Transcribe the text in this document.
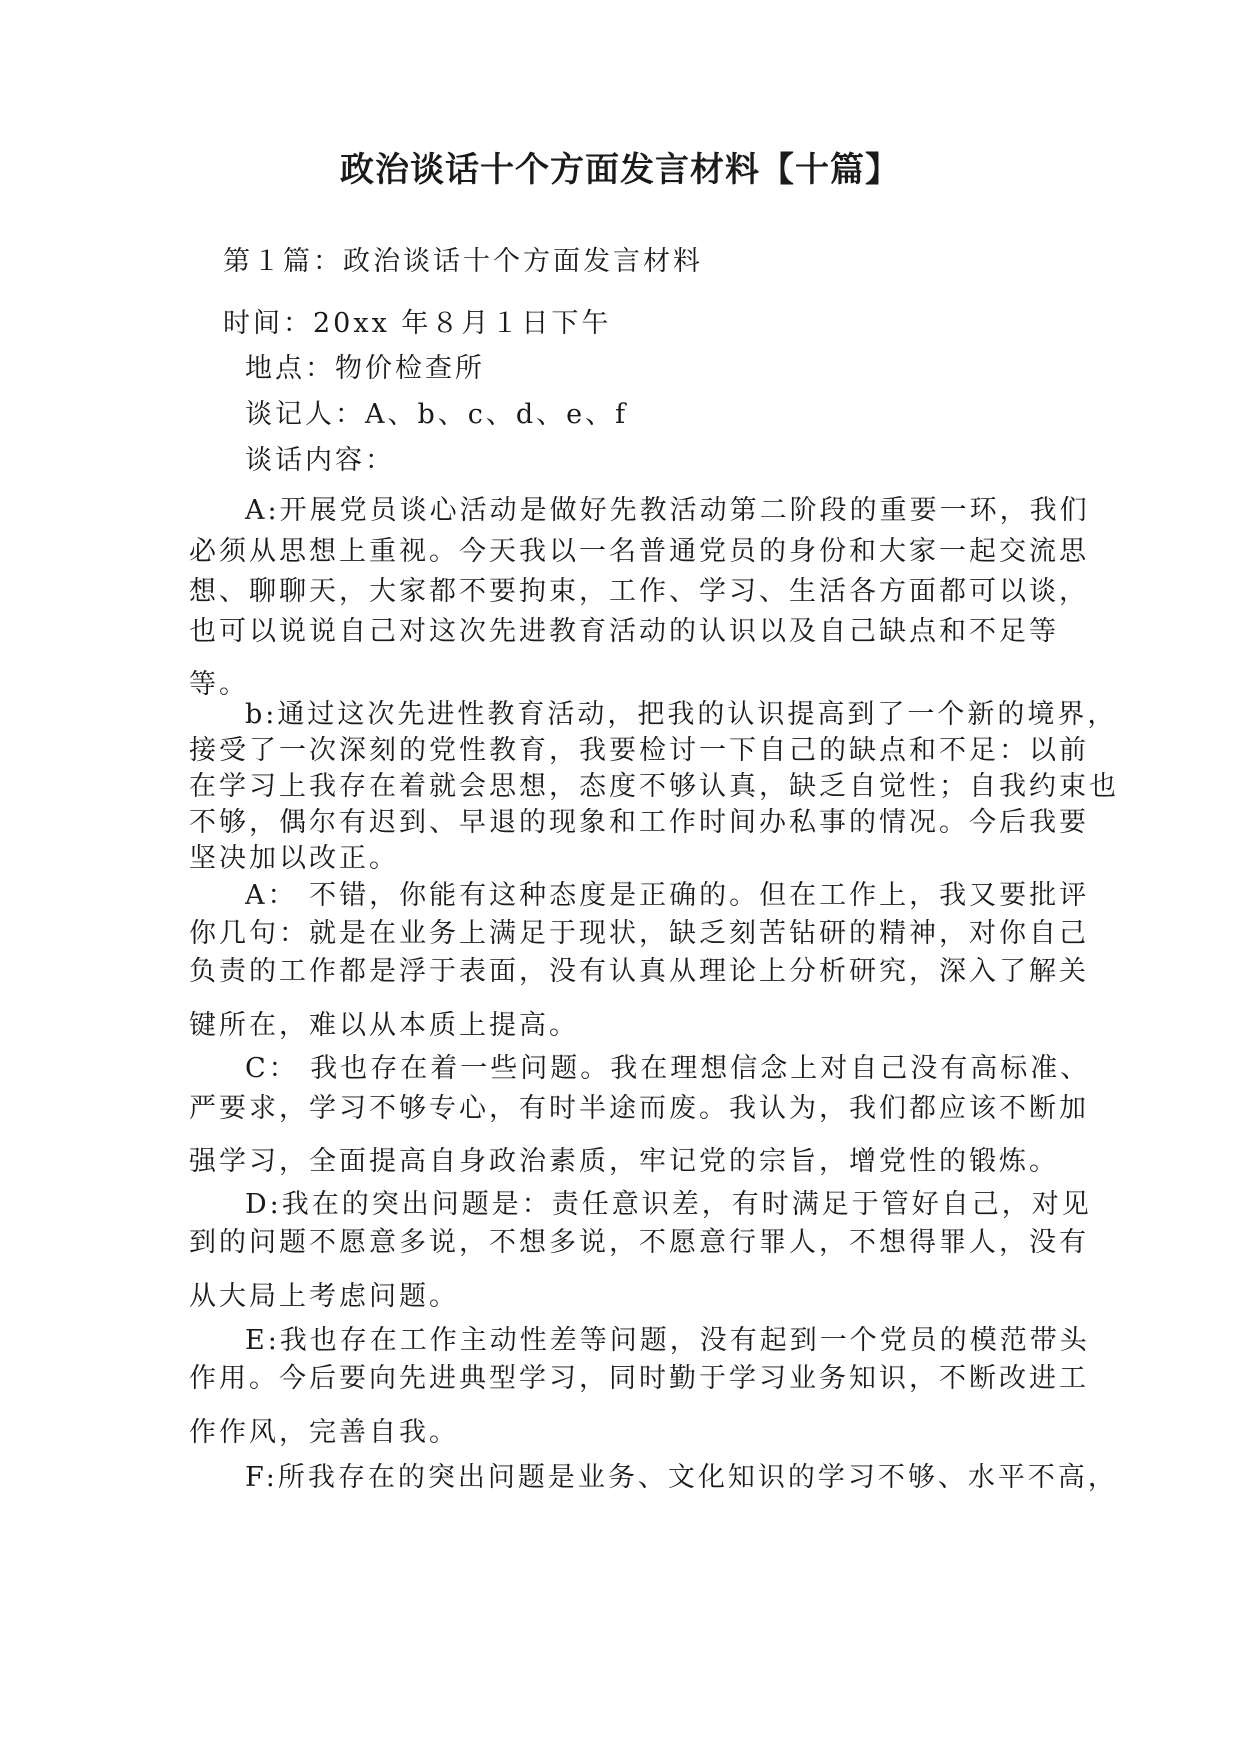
政治谈话十个方面发言材料【十篇】
第１篇：政治谈话十个方面发言材料
时间：20xx 年８月１日下午
地点：物价检查所
谈记人：A、b、c、d、e、f
谈话内容：
A:开展党员谈心活动是做好先教活动第二阶段的重要一环，我们
必须从思想上重视。今天我以一名普通党员的身份和大家一起交流思
想、聊聊天，大家都不要拘束，工作、学习、生活各方面都可以谈，
也可以说说自己对这次先进教育活动的认识以及自己缺点和不足等
等。
b:通过这次先进性教育活动，把我的认识提高到了一个新的境界，
接受了一次深刻的党性教育，我要检讨一下自己的缺点和不足：以前
在学习上我存在着就会思想，态度不够认真，缺乏自觉性；自我约束也
不够，偶尔有迟到、早退的现象和工作时间办私事的情况。今后我要
坚决加以改正。
A： 不错，你能有这种态度是正确的。但在工作上，我又要批评
你几句：就是在业务上满足于现状，缺乏刻苦钻研的精神，对你自己
负责的工作都是浮于表面，没有认真从理论上分析研究，深入了解关
键所在，难以从本质上提高。
C： 我也存在着一些问题。我在理想信念上对自己没有高标准、
严要求，学习不够专心，有时半途而废。我认为，我们都应该不断加
强学习，全面提高自身政治素质，牢记党的宗旨，增党性的锻炼。
D:我在的突出问题是：责任意识差，有时满足于管好自己，对见
到的问题不愿意多说，不想多说，不愿意行罪人，不想得罪人，没有
从大局上考虑问题。
E:我也存在工作主动性差等问题，没有起到一个党员的模范带头
作用。今后要向先进典型学习，同时勤于学习业务知识，不断改进工
作作风，完善自我。
F:所我存在的突出问题是业务、文化知识的学习不够、水平不高，
